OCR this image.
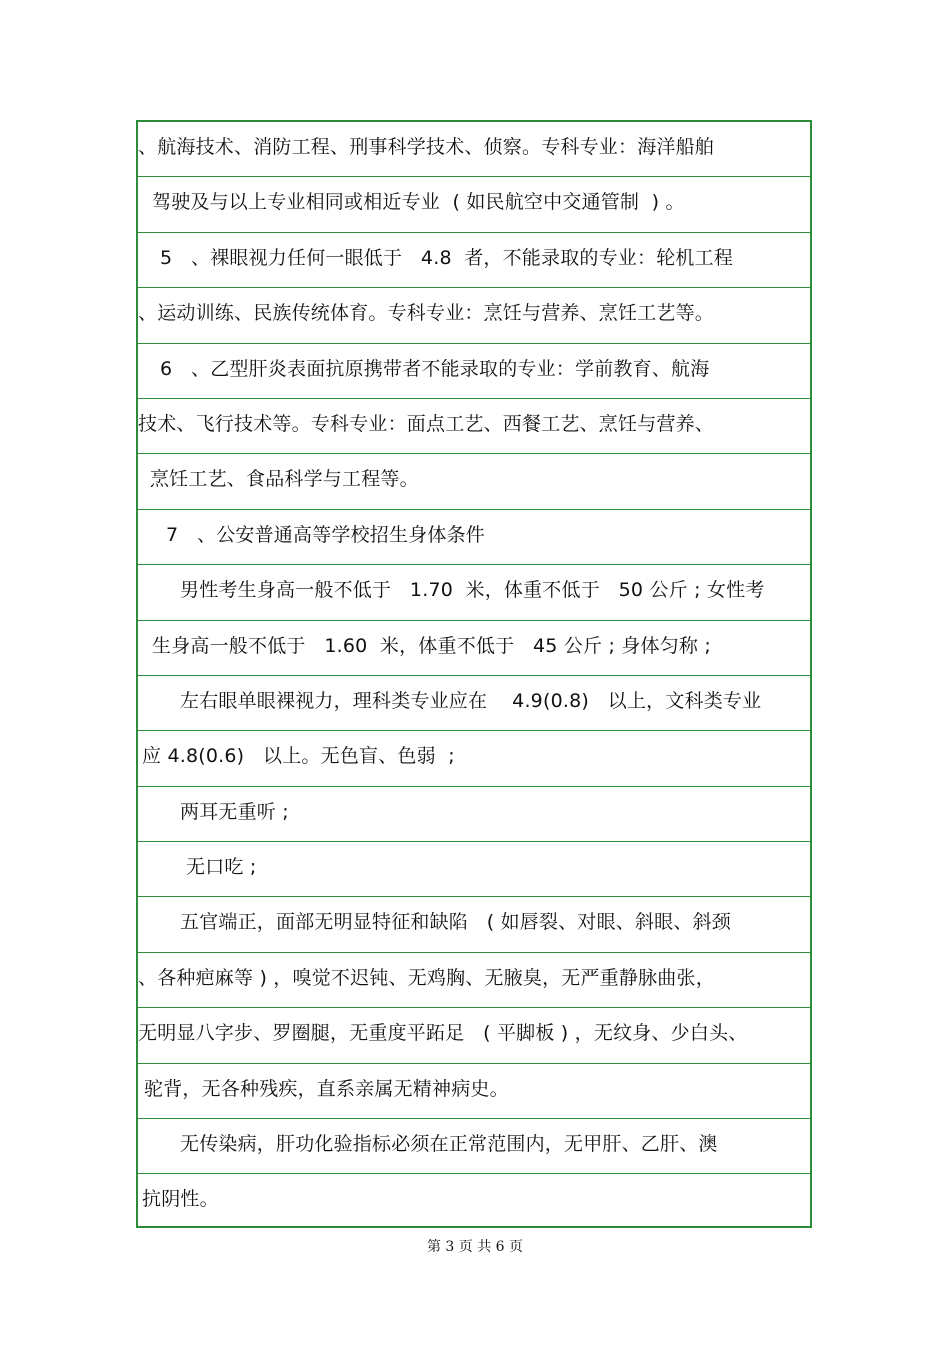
、航海技术、消防工程、刑事科学技术、侦察。专科专业：海洋船舶
驾驶及与以上专业相同或相近专业  ( 如民航空中交通管制  ) 。
5   、裸眼视力任何一眼低于   4.8  者，不能录取的专业：轮机工程
、运动训练、民族传统体育。专科专业：烹饪与营养、烹饪工艺等。
6   、乙型肝炎表面抗原携带者不能录取的专业：学前教育、航海
技术、飞行技术等。专科专业：面点工艺、西餐工艺、烹饪与营养、
烹饪工艺、食品科学与工程等。
7   、公安普通高等学校招生身体条件
男性考生身高一般不低于   1.70  米，体重不低于   50 公斤 ; 女性考
生身高一般不低于   1.60  米，体重不低于   45 公斤 ; 身体匀称 ;
左右眼单眼裸视力，理科类专业应在    4.9(0.8)   以上，文科类专业
应 4.8(0.6)   以上。无色盲、色弱  ;
两耳无重听 ;
无口吃 ;
五官端正，面部无明显特征和缺陷   ( 如唇裂、对眼、斜眼、斜颈
、各种疤麻等 ) ，嗅觉不迟钝、无鸡胸、无腋臭，无严重静脉曲张，
无明显八字步、罗圈腿，无重度平跖足   ( 平脚板 ) ，无纹身、少白头、
驼背，无各种残疾，直系亲属无精神病史。
无传染病，肝功化验指标必须在正常范围内，无甲肝、乙肝、澳
抗阴性。
第 3 页 共 6 页
